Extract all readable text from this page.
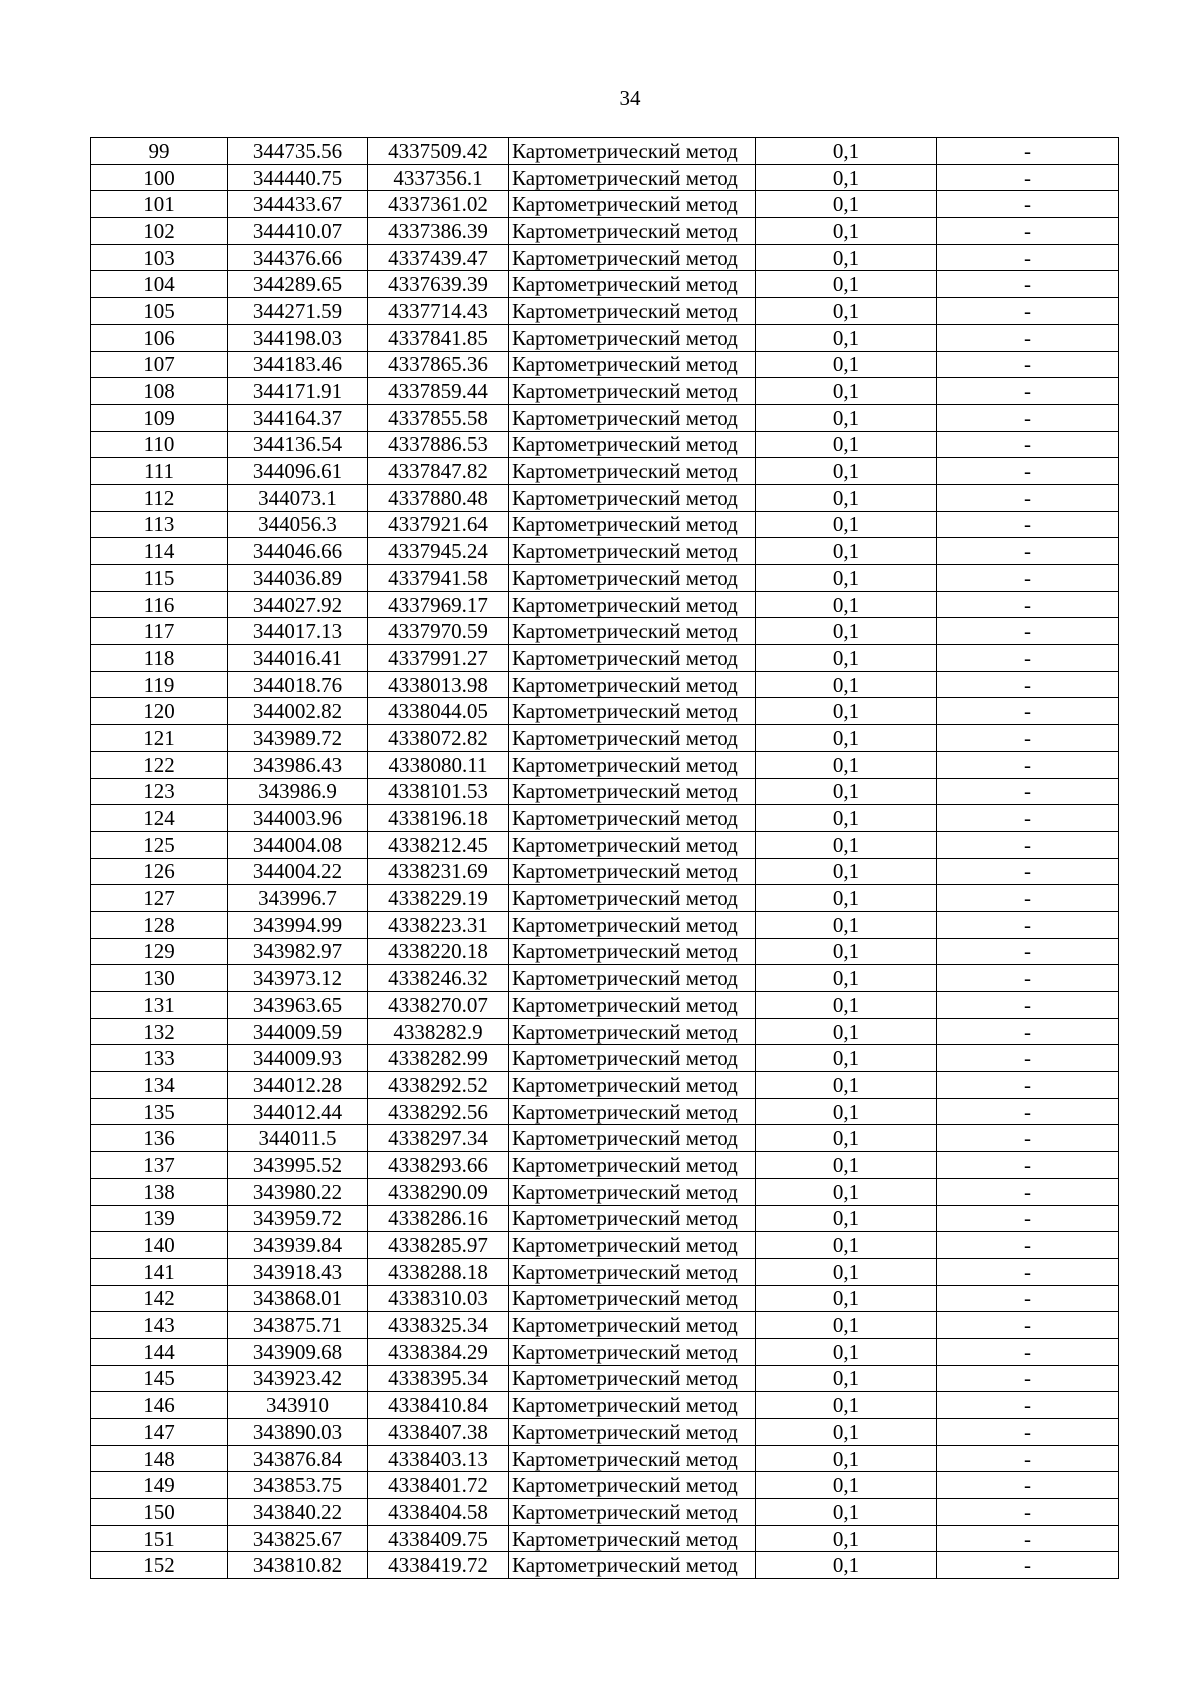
34
99	344735.56	4337509.42	Картометрический метод	0,1	-
100	344440.75	4337356.1	Картометрический метод	0,1	-
101	344433.67	4337361.02	Картометрический метод	0,1	-
102	344410.07	4337386.39	Картометрический метод	0,1	-
103	344376.66	4337439.47	Картометрический метод	0,1	-
104	344289.65	4337639.39	Картометрический метод	0,1	-
105	344271.59	4337714.43	Картометрический метод	0,1	-
106	344198.03	4337841.85	Картометрический метод	0,1	-
107	344183.46	4337865.36	Картометрический метод	0,1	-
108	344171.91	4337859.44	Картометрический метод	0,1	-
109	344164.37	4337855.58	Картометрический метод	0,1	-
110	344136.54	4337886.53	Картометрический метод	0,1	-
111	344096.61	4337847.82	Картометрический метод	0,1	-
112	344073.1	4337880.48	Картометрический метод	0,1	-
113	344056.3	4337921.64	Картометрический метод	0,1	-
114	344046.66	4337945.24	Картометрический метод	0,1	-
115	344036.89	4337941.58	Картометрический метод	0,1	-
116	344027.92	4337969.17	Картометрический метод	0,1	-
117	344017.13	4337970.59	Картометрический метод	0,1	-
118	344016.41	4337991.27	Картометрический метод	0,1	-
119	344018.76	4338013.98	Картометрический метод	0,1	-
120	344002.82	4338044.05	Картометрический метод	0,1	-
121	343989.72	4338072.82	Картометрический метод	0,1	-
122	343986.43	4338080.11	Картометрический метод	0,1	-
123	343986.9	4338101.53	Картометрический метод	0,1	-
124	344003.96	4338196.18	Картометрический метод	0,1	-
125	344004.08	4338212.45	Картометрический метод	0,1	-
126	344004.22	4338231.69	Картометрический метод	0,1	-
127	343996.7	4338229.19	Картометрический метод	0,1	-
128	343994.99	4338223.31	Картометрический метод	0,1	-
129	343982.97	4338220.18	Картометрический метод	0,1	-
130	343973.12	4338246.32	Картометрический метод	0,1	-
131	343963.65	4338270.07	Картометрический метод	0,1	-
132	344009.59	4338282.9	Картометрический метод	0,1	-
133	344009.93	4338282.99	Картометрический метод	0,1	-
134	344012.28	4338292.52	Картометрический метод	0,1	-
135	344012.44	4338292.56	Картометрический метод	0,1	-
136	344011.5	4338297.34	Картометрический метод	0,1	-
137	343995.52	4338293.66	Картометрический метод	0,1	-
138	343980.22	4338290.09	Картометрический метод	0,1	-
139	343959.72	4338286.16	Картометрический метод	0,1	-
140	343939.84	4338285.97	Картометрический метод	0,1	-
141	343918.43	4338288.18	Картометрический метод	0,1	-
142	343868.01	4338310.03	Картометрический метод	0,1	-
143	343875.71	4338325.34	Картометрический метод	0,1	-
144	343909.68	4338384.29	Картометрический метод	0,1	-
145	343923.42	4338395.34	Картометрический метод	0,1	-
146	343910	4338410.84	Картометрический метод	0,1	-
147	343890.03	4338407.38	Картометрический метод	0,1	-
148	343876.84	4338403.13	Картометрический метод	0,1	-
149	343853.75	4338401.72	Картометрический метод	0,1	-
150	343840.22	4338404.58	Картометрический метод	0,1	-
151	343825.67	4338409.75	Картометрический метод	0,1	-
152	343810.82	4338419.72	Картометрический метод	0,1	-
